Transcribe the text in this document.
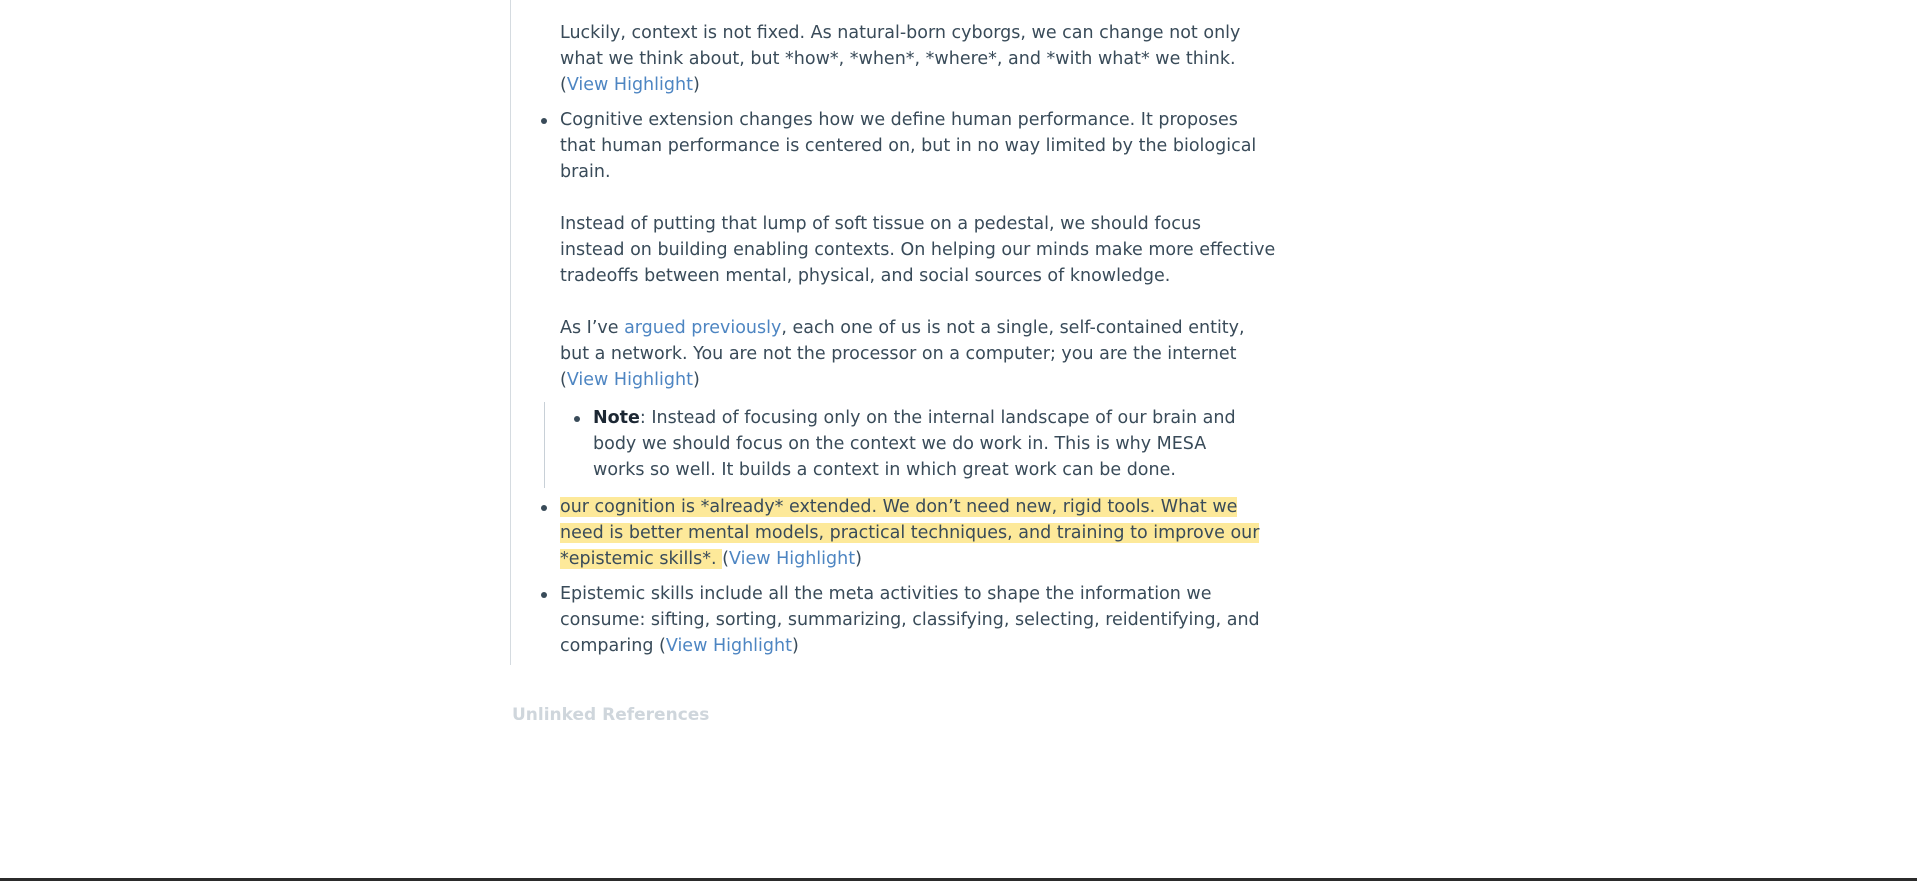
Luckily, context is not fixed. As natural-born cyborgs, we can change not only
what we think about, but *how*, *when*, *where*, and *with what* we think.
(View Highlight)
Cognitive extension changes how we define human performance. It proposes
that human performance is centered on, but in no way limited by the biological
brain.
Instead of putting that lump of soft tissue on a pedestal, we should focus
instead on building enabling contexts. On helping our minds make more effective
tradeoffs between mental, physical, and social sources of knowledge.
As I’ve argued previously, each one of us is not a single, self-contained entity,
but a network. You are not the processor on a computer; you are the internet
(View Highlight)
Note: Instead of focusing only on the internal landscape of our brain and
body we should focus on the context we do work in. This is why MESA
works so well. It builds a context in which great work can be done.
our cognition is *already* extended. We don’t need new, rigid tools. What we
need is better mental models, practical techniques, and training to improve our
*epistemic skills*. (View Highlight)
Epistemic skills include all the meta activities to shape the information we
consume: sifting, sorting, summarizing, classifying, selecting, reidentifying, and
comparing (View Highlight)
Unlinked References
